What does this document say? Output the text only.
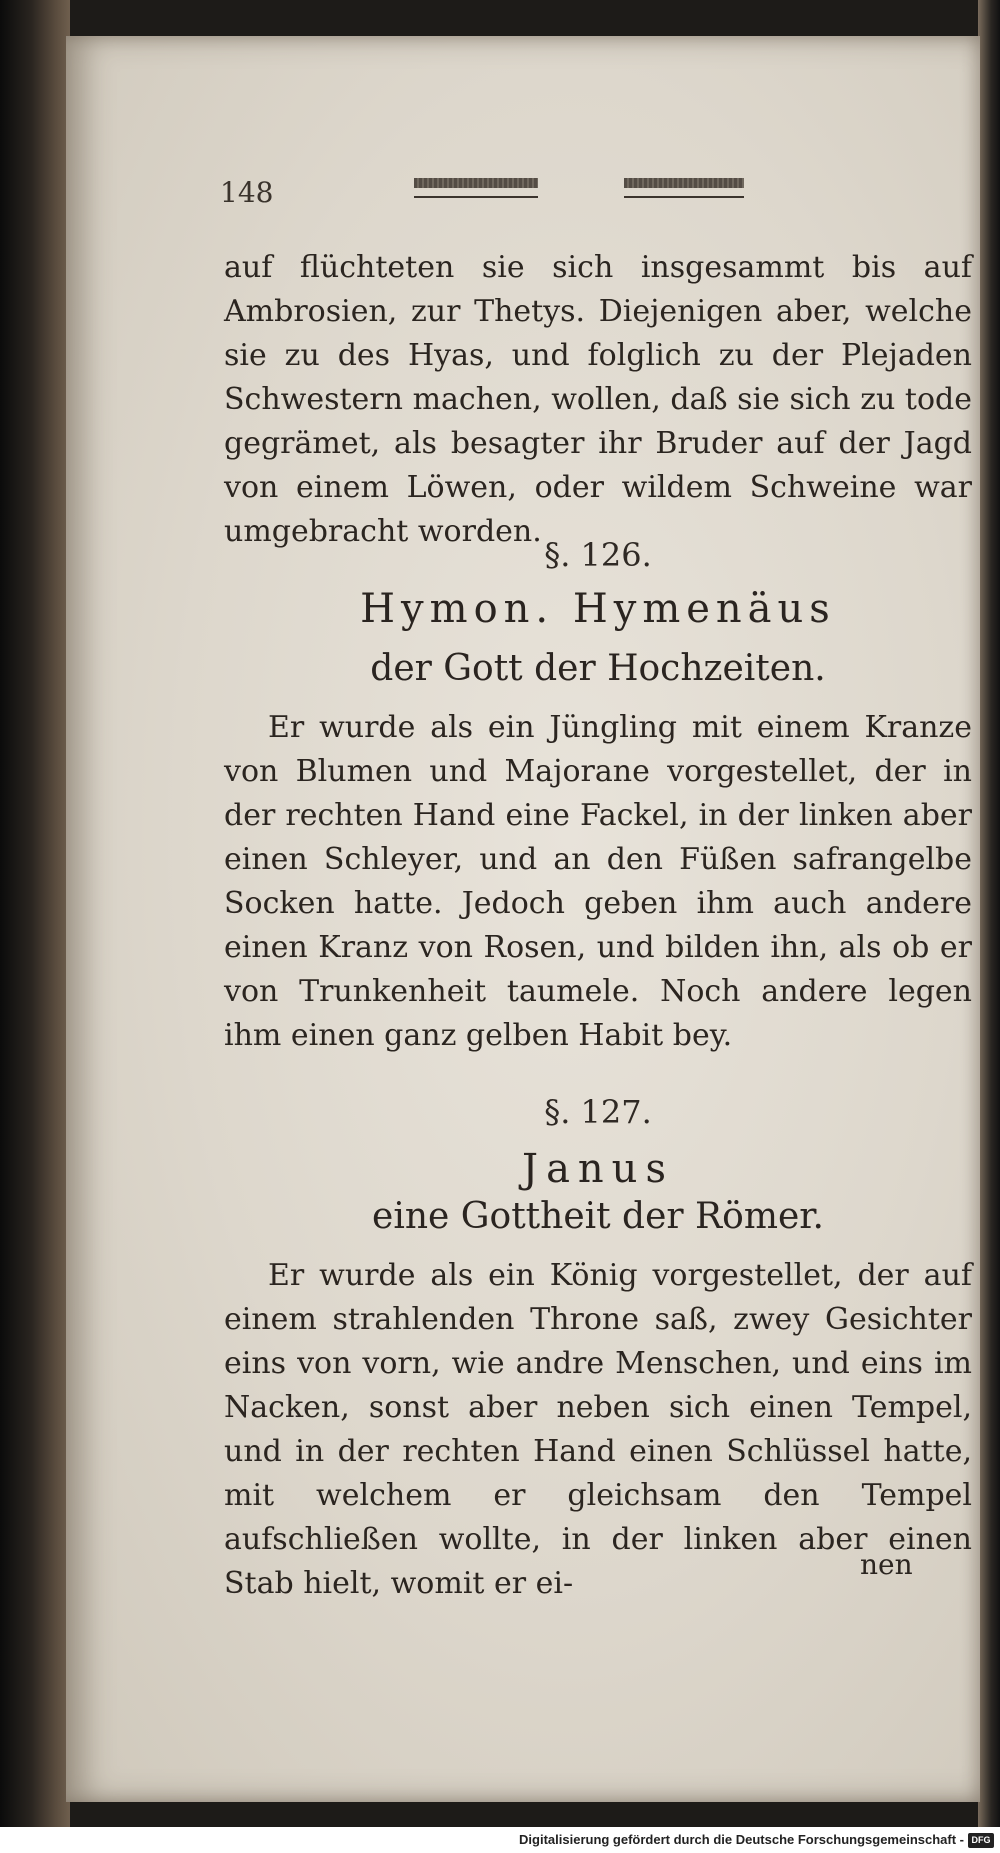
148

auf flüchteten sie sich insgesammt bis auf Ambrosien, zur Thetys. Diejenigen aber, welche sie zu des Hyas, und folglich zu der Plejaden Schwestern machen, wollen, daß sie sich zu tode gegrämet, als besagter ihr Bruder auf der Jagd von einem Löwen, oder wildem Schweine war umgebracht worden.

§. 126.
Hymon. Hymenäus
der Gott der Hochzeiten.

Er wurde als ein Jüngling mit einem Kranze von Blumen und Majorane vorgestellet, der in der rechten Hand eine Fackel, in der linken aber einen Schleyer, und an den Füßen safrangelbe Socken hatte. Jedoch geben ihm auch andere einen Kranz von Rosen, und bilden ihn, als ob er von Trunkenheit taumele. Noch andere legen ihm einen ganz gelben Habit bey.

§. 127.
Janus
eine Gottheit der Römer.

Er wurde als ein König vorgestellet, der auf einem strahlenden Throne saß, zwey Gesichter eins von vorn, wie andre Menschen, und eins im Nacken, sonst aber neben sich einen Tempel, und in der rechten Hand einen Schlüssel hatte, mit welchem er gleichsam den Tempel aufschließen wollte, in der linken aber einen Stab hielt, womit er ei-

nen
Digitalisierung gefördert durch die Deutsche Forschungsgemeinschaft - DFG
